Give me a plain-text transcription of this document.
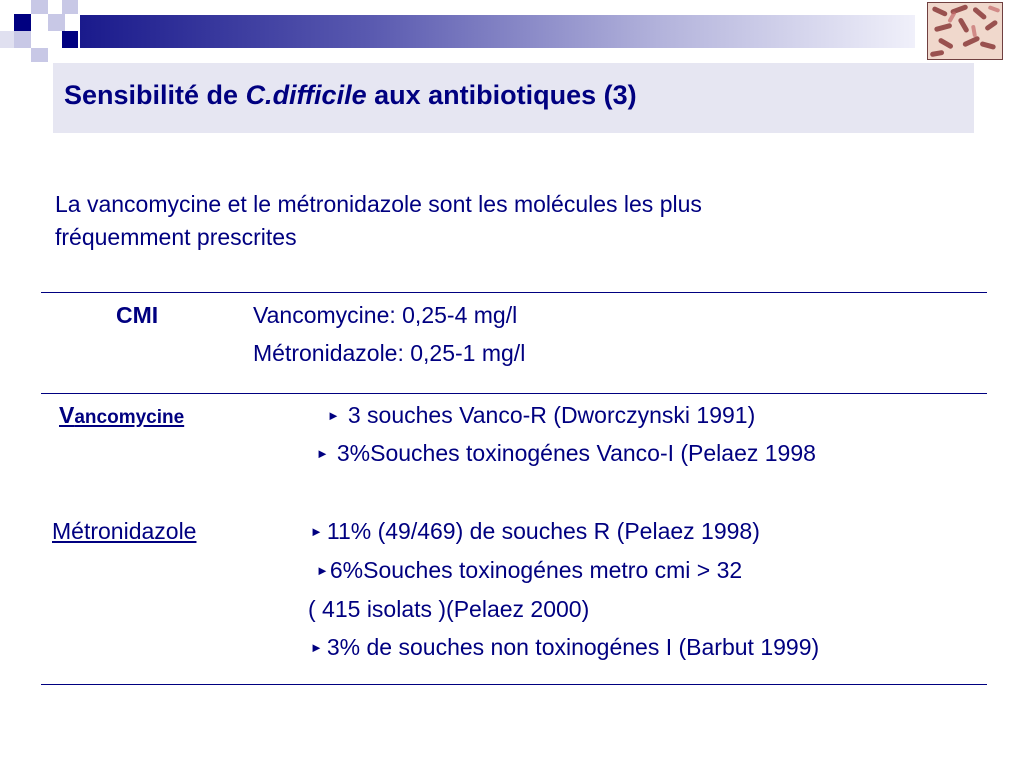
Sensibilité de C.difficile aux antibiotiques (3)

La vancomycine et le métronidazole sont les molécules les plus
fréquemment prescrites

CMI	Vancomycine: 0,25-4 mg/l
Métronidazole: 0,25-1 mg/l
Vancomycine	► 3 souches Vanco-R (Dworczynski 1991)
► 3%Souches toxinogénes Vanco-I (Pelaez 1998
Métronidazole	► 11% (49/469) de souches R (Pelaez 1998)
►6%Souches toxinogénes metro cmi > 32
( 415 isolats )(Pelaez 2000)
► 3% de souches non toxinogénes I (Barbut 1999)
